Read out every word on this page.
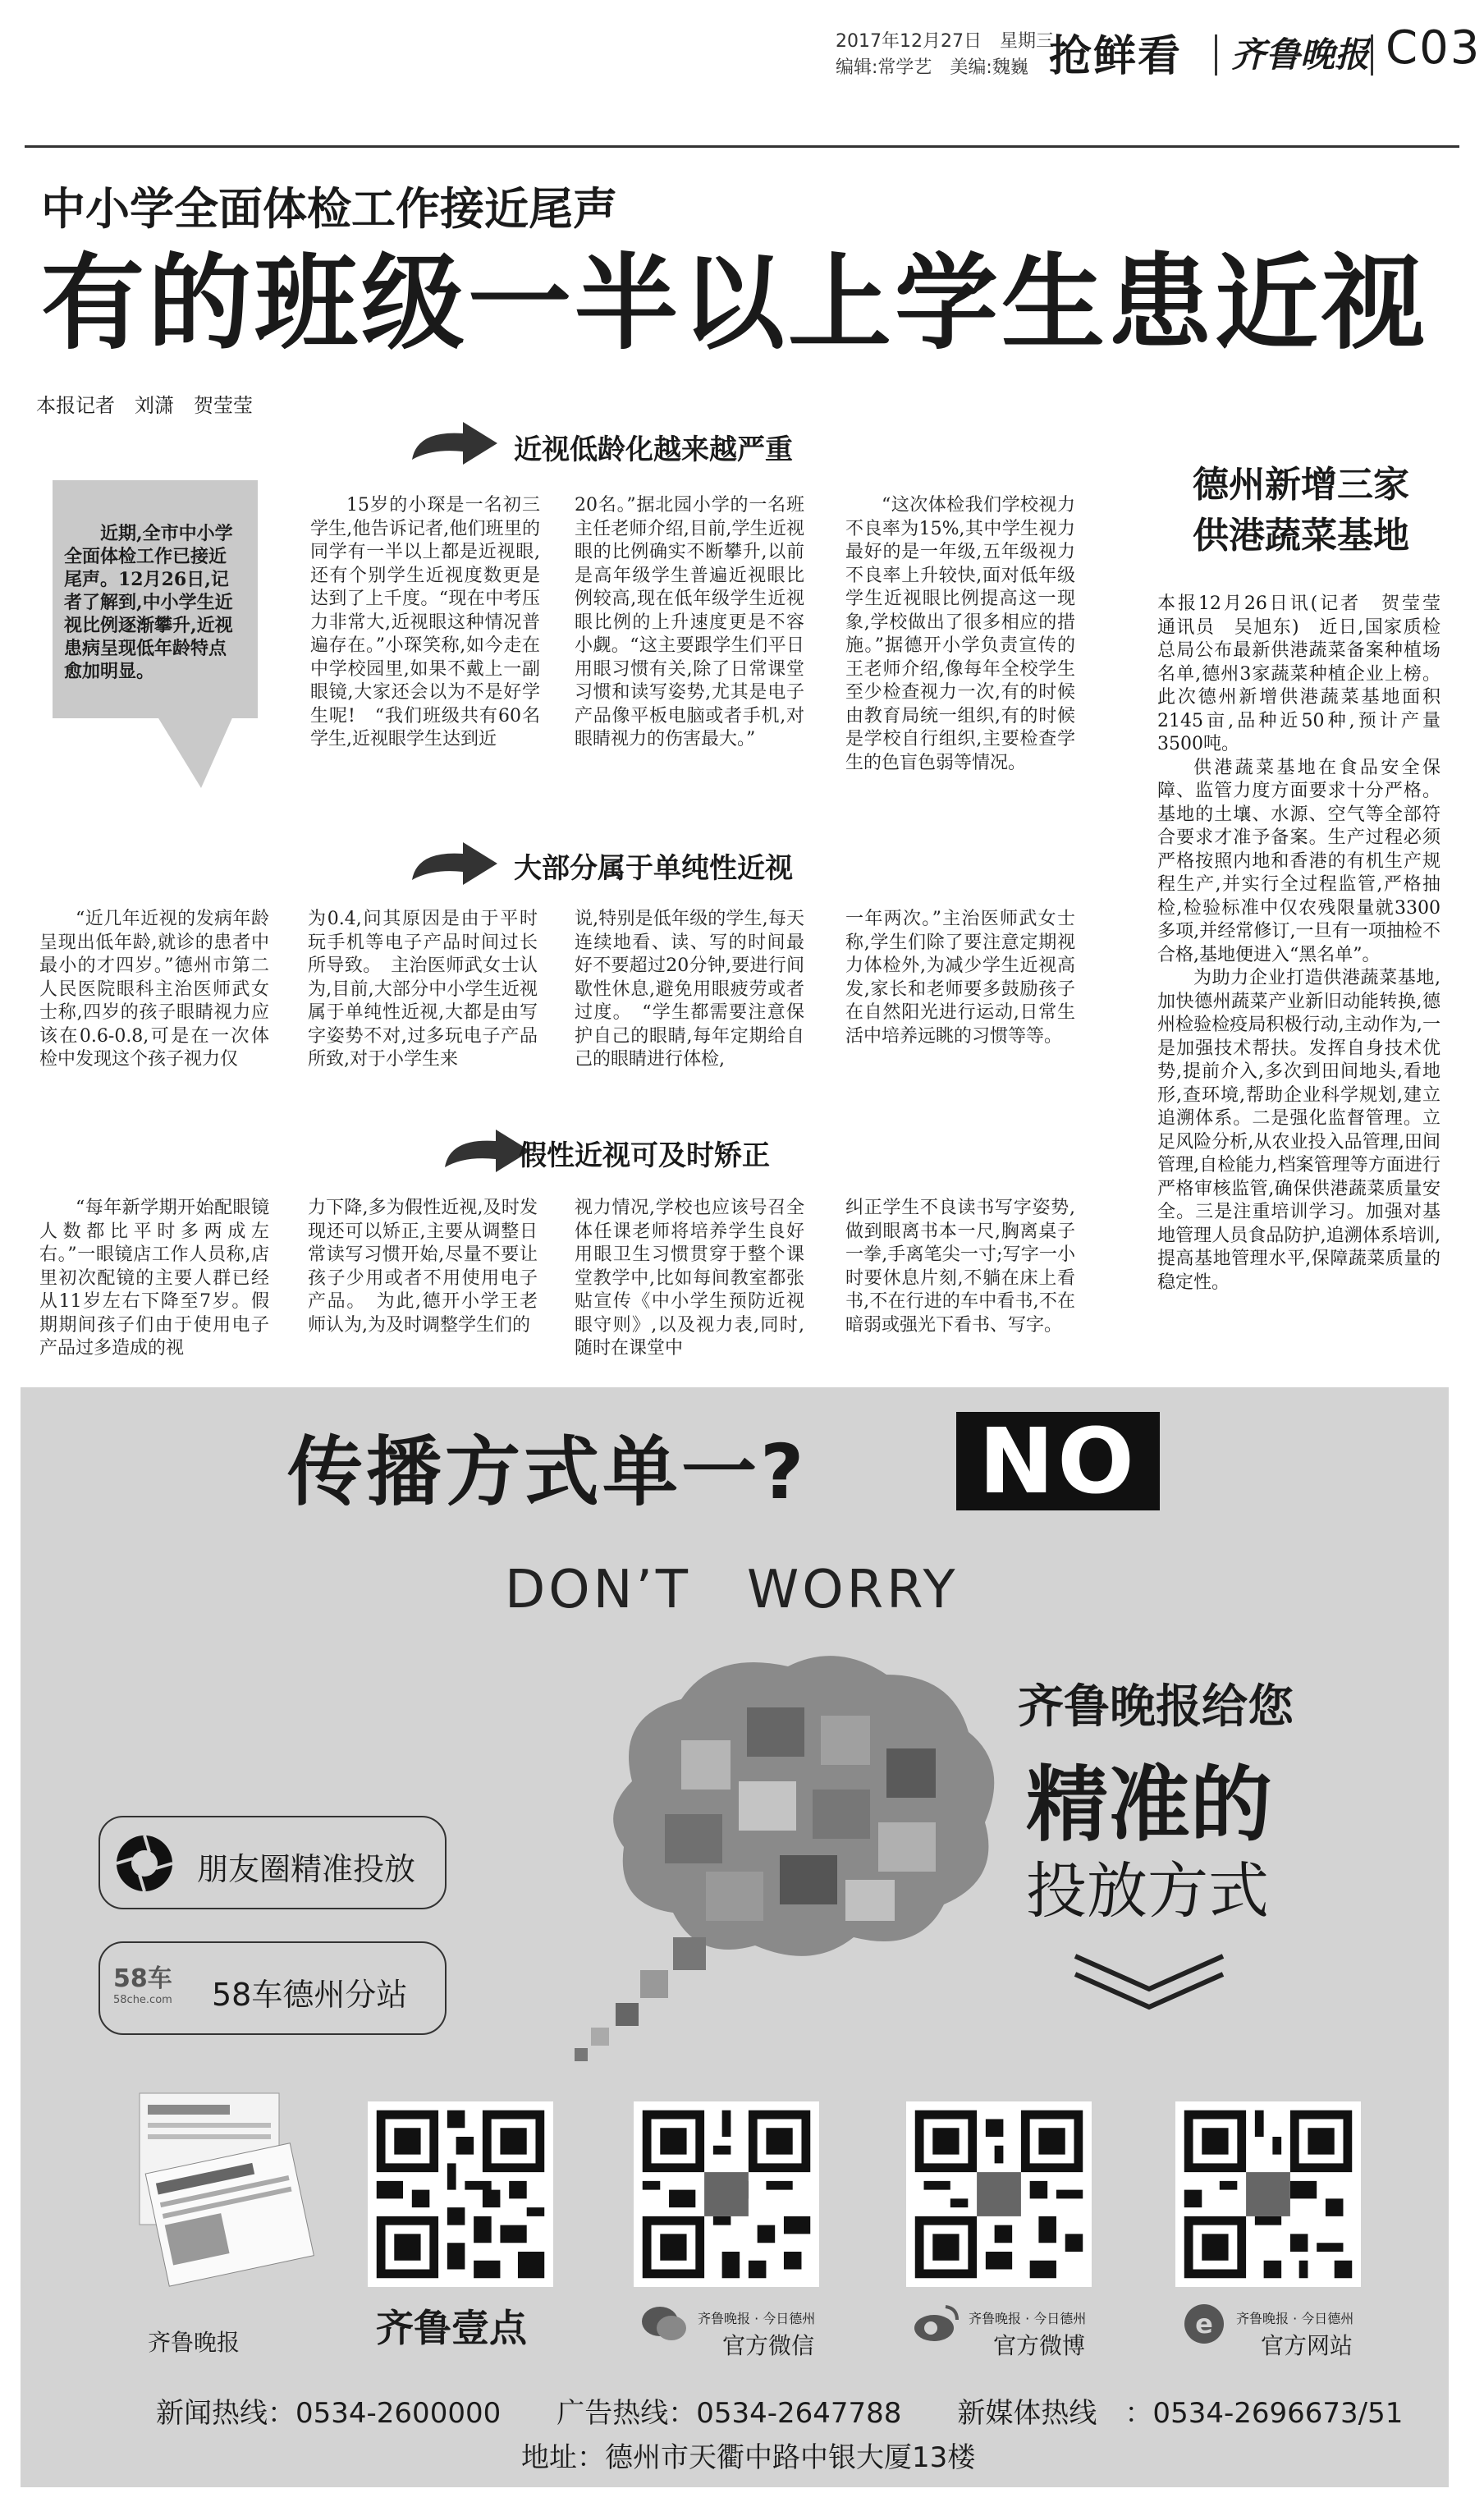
2017年12月27日　星期三
编辑:常学艺　美编:魏巍 抢鲜看 齐鲁晚报 C03
中小学全面体检工作接近尾声
有的班级一半以上学生患近视
本报记者　刘潇　贺莹莹
近期,全市中小学全面体检工作已接近尾声。12月26日,记者了解到,中小学生近视比例逐渐攀升,近视患病呈现低年龄特点愈加明显。
近视低龄化越来越严重

15岁的小琛是一名初三学生,他告诉记者,他们班里的同学有一半以上都是近视眼,还有个别学生近视度数更是达到了上千度。“现在中考压力非常大,近视眼这种情况普遍存在。”小琛笑称,如今走在中学校园里,如果不戴上一副眼镜,大家还会以为不是好学生呢!　“我们班级共有60名学生,近视眼学生达到近

20名。”据北园小学的一名班主任老师介绍,目前,学生近视眼的比例确实不断攀升,以前是高年级学生普遍近视眼比例较高,现在低年级学生近视眼比例的上升速度更是不容小觑。“这主要跟学生们平日用眼习惯有关,除了日常课堂习惯和读写姿势,尤其是电子产品像平板电脑或者手机,对眼睛视力的伤害最大。”

“这次体检我们学校视力不良率为15%,其中学生视力最好的是一年级,五年级视力不良率上升较快,面对低年级学生近视眼比例提高这一现象,学校做出了很多相应的措施。”据德开小学负责宣传的王老师介绍,像每年全校学生至少检查视力一次,有的时候由教育局统一组织,有的时候是学校自行组织,主要检查学生的色盲色弱等情况。

大部分属于单纯性近视

“近几年近视的发病年龄呈现出低年龄,就诊的患者中最小的才四岁。”德州市第二人民医院眼科主治医师武女士称,四岁的孩子眼睛视力应该在0.6-0.8,可是在一次体检中发现这个孩子视力仅

为0.4,问其原因是由于平时玩手机等电子产品时间过长所导致。　主治医师武女士认为,目前,大部分中小学生近视属于单纯性近视,大都是由写字姿势不对,过多玩电子产品所致,对于小学生来

说,特别是低年级的学生,每天连续地看、读、写的时间最好不要超过20分钟,要进行间歇性休息,避免用眼疲劳或者过度。　“学生都需要注意保护自己的眼睛,每年定期给自己的眼睛进行体检,

一年两次。”主治医师武女士称,学生们除了要注意定期视力体检外,为减少学生近视高发,家长和老师要多鼓励孩子在自然阳光进行运动,日常生活中培养远眺的习惯等等。

假性近视可及时矫正

“每年新学期开始配眼镜人数都比平时多两成左右。”一眼镜店工作人员称,店里初次配镜的主要人群已经从11岁左右下降至7岁。假期期间孩子们由于使用电子产品过多造成的视

力下降,多为假性近视,及时发现还可以矫正,主要从调整日常读写习惯开始,尽量不要让孩子少用或者不用使用电子产品。　为此,德开小学王老师认为,为及时调整学生们的

视力情况,学校也应该号召全体任课老师将培养学生良好用眼卫生习惯贯穿于整个课堂教学中,比如每间教室都张贴宣传《中小学生预防近视眼守则》,以及视力表,同时,随时在课堂中

纠正学生不良读书写字姿势,做到眼离书本一尺,胸离桌子一拳,手离笔尖一寸;写字一小时要休息片刻,不躺在床上看书,不在行进的车中看书,不在暗弱或强光下看书、写字。

德州新增三家
供港蔬菜基地

本报12月26日讯(记者　贺莹莹　通讯员　吴旭东)　近日,国家质检总局公布最新供港蔬菜备案种植场名单,德州3家蔬菜种植企业上榜。此次德州新增供港蔬菜基地面积2145亩,品种近50种,预计产量3500吨。

供港蔬菜基地在食品安全保障、监管力度方面要求十分严格。基地的土壤、水源、空气等全部符合要求才准予备案。生产过程必须严格按照内地和香港的有机生产规程生产,并实行全过程监管,严格抽检,检验标准中仅农残限量就3300多项,并经常修订,一旦有一项抽检不合格,基地便进入“黑名单”。

为助力企业打造供港蔬菜基地,加快德州蔬菜产业新旧动能转换,德州检验检疫局积极行动,主动作为,一是加强技术帮扶。发挥自身技术优势,提前介入,多次到田间地头,看地形,查环境,帮助企业科学规划,建立追溯体系。二是强化监督管理。立足风险分析,从农业投入品管理,田间管理,自检能力,档案管理等方面进行严格审核监管,确保供港蔬菜质量安全。三是注重培训学习。加强对基地管理人员食品防护,追溯体系培训,提高基地管理水平,保障蔬菜质量的稳定性。

传播方式单一? NO
DON’T　WORRY
齐鲁晚报给您
精准的
投放方式
朋友圈精准投放
58车
58che.com 58车德州分站
齐鲁晚报	齐鲁壹点	齐鲁晚报 · 今日德州
官方微信
齐鲁晚报 · 今日德州
官方微博
e 齐鲁晚报 · 今日德州
官方网站
新闻热线：0534-2600000　　广告热线：0534-2647788　　新媒体热线　：0534-2696673/51
地址：德州市天衢中路中银大厦13楼
